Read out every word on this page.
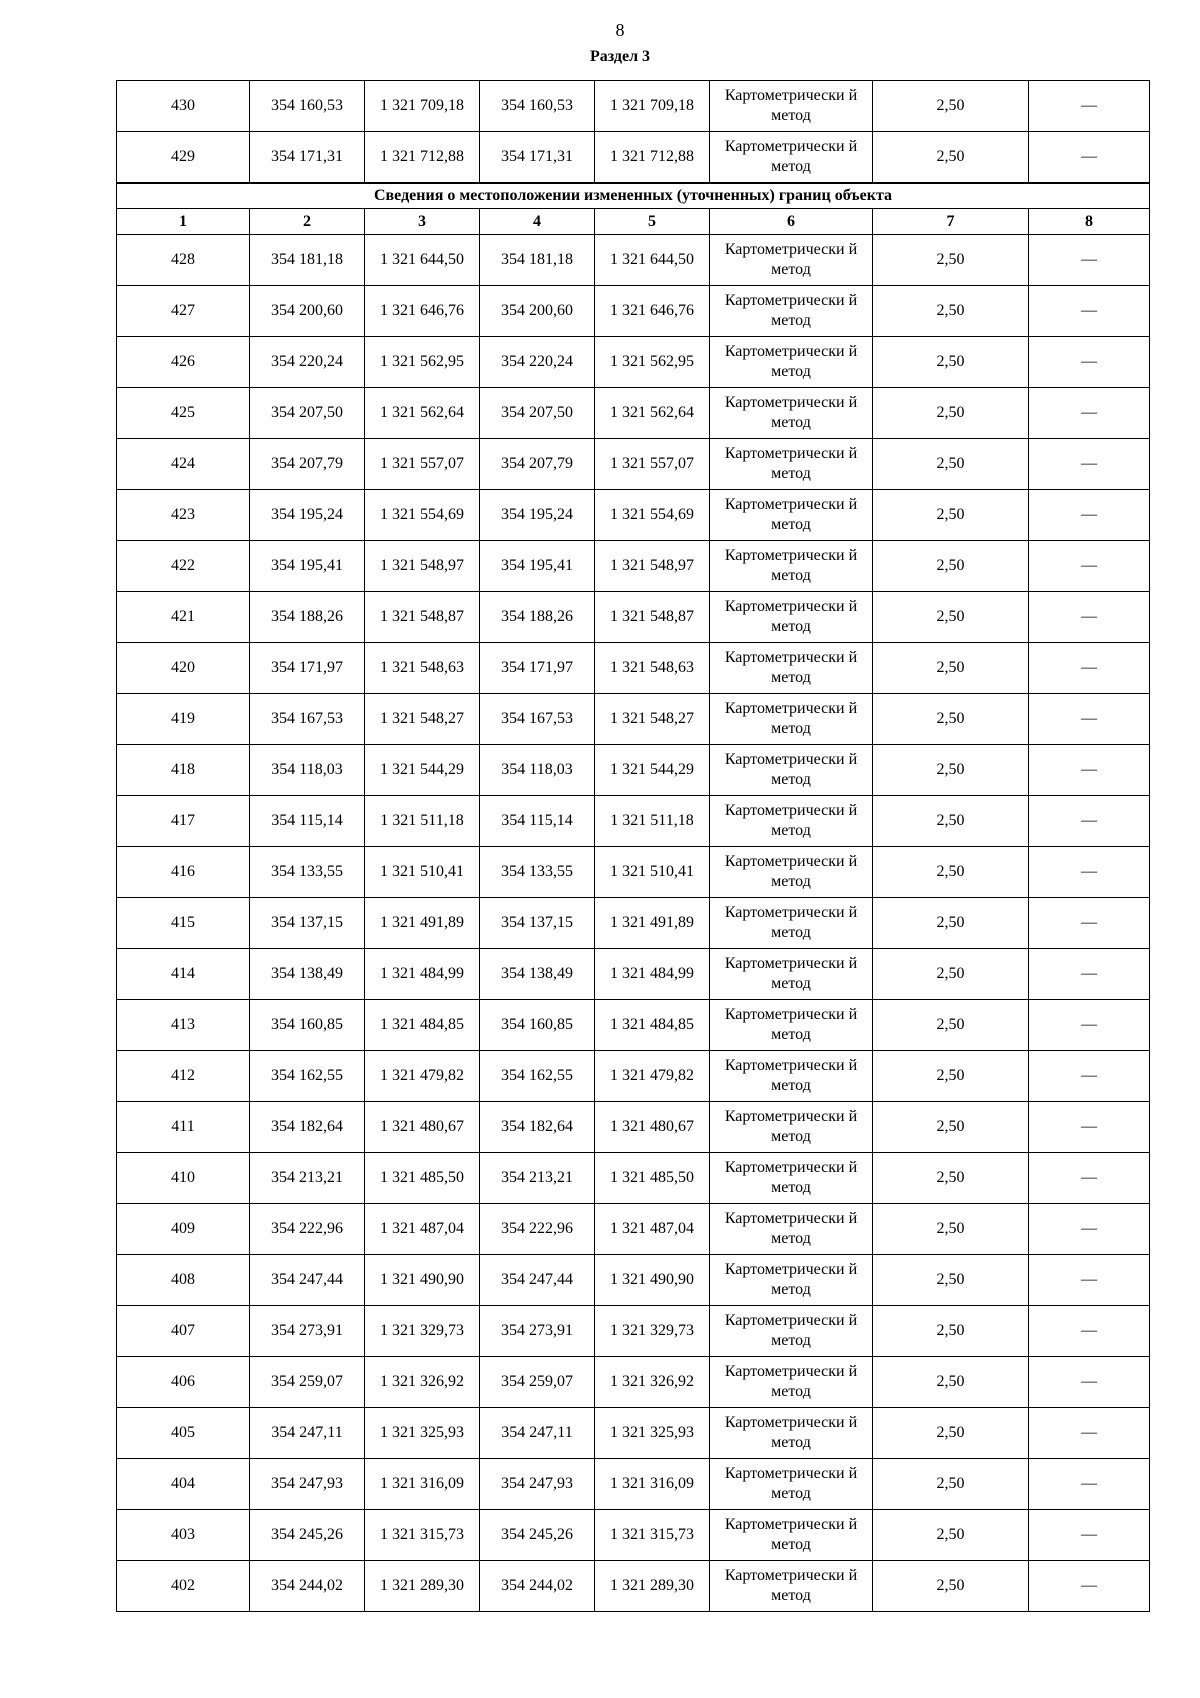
8
Раздел 3
430	354 160,53	1 321 709,18	354 160,53	1 321 709,18	Картометрически й метод	2,50	—
429	354 171,31	1 321 712,88	354 171,31	1 321 712,88	Картометрически й метод	2,50	—
Сведения о местоположении измененных (уточненных) границ объекта							
1	2	3	4	5	6	7	8
428	354 181,18	1 321 644,50	354 181,18	1 321 644,50	Картометрически й метод	2,50	—
427	354 200,60	1 321 646,76	354 200,60	1 321 646,76	Картометрически й метод	2,50	—
426	354 220,24	1 321 562,95	354 220,24	1 321 562,95	Картометрически й метод	2,50	—
425	354 207,50	1 321 562,64	354 207,50	1 321 562,64	Картометрически й метод	2,50	—
424	354 207,79	1 321 557,07	354 207,79	1 321 557,07	Картометрически й метод	2,50	—
423	354 195,24	1 321 554,69	354 195,24	1 321 554,69	Картометрически й метод	2,50	—
422	354 195,41	1 321 548,97	354 195,41	1 321 548,97	Картометрически й метод	2,50	—
421	354 188,26	1 321 548,87	354 188,26	1 321 548,87	Картометрически й метод	2,50	—
420	354 171,97	1 321 548,63	354 171,97	1 321 548,63	Картометрически й метод	2,50	—
419	354 167,53	1 321 548,27	354 167,53	1 321 548,27	Картометрически й метод	2,50	—
418	354 118,03	1 321 544,29	354 118,03	1 321 544,29	Картометрически й метод	2,50	—
417	354 115,14	1 321 511,18	354 115,14	1 321 511,18	Картометрически й метод	2,50	—
416	354 133,55	1 321 510,41	354 133,55	1 321 510,41	Картометрически й метод	2,50	—
415	354 137,15	1 321 491,89	354 137,15	1 321 491,89	Картометрически й метод	2,50	—
414	354 138,49	1 321 484,99	354 138,49	1 321 484,99	Картометрически й метод	2,50	—
413	354 160,85	1 321 484,85	354 160,85	1 321 484,85	Картометрически й метод	2,50	—
412	354 162,55	1 321 479,82	354 162,55	1 321 479,82	Картометрически й метод	2,50	—
411	354 182,64	1 321 480,67	354 182,64	1 321 480,67	Картометрически й метод	2,50	—
410	354 213,21	1 321 485,50	354 213,21	1 321 485,50	Картометрически й метод	2,50	—
409	354 222,96	1 321 487,04	354 222,96	1 321 487,04	Картометрически й метод	2,50	—
408	354 247,44	1 321 490,90	354 247,44	1 321 490,90	Картометрически й метод	2,50	—
407	354 273,91	1 321 329,73	354 273,91	1 321 329,73	Картометрически й метод	2,50	—
406	354 259,07	1 321 326,92	354 259,07	1 321 326,92	Картометрически й метод	2,50	—
405	354 247,11	1 321 325,93	354 247,11	1 321 325,93	Картометрически й метод	2,50	—
404	354 247,93	1 321 316,09	354 247,93	1 321 316,09	Картометрически й метод	2,50	—
403	354 245,26	1 321 315,73	354 245,26	1 321 315,73	Картометрически й метод	2,50	—
402	354 244,02	1 321 289,30	354 244,02	1 321 289,30	Картометрически й метод	2,50	—
